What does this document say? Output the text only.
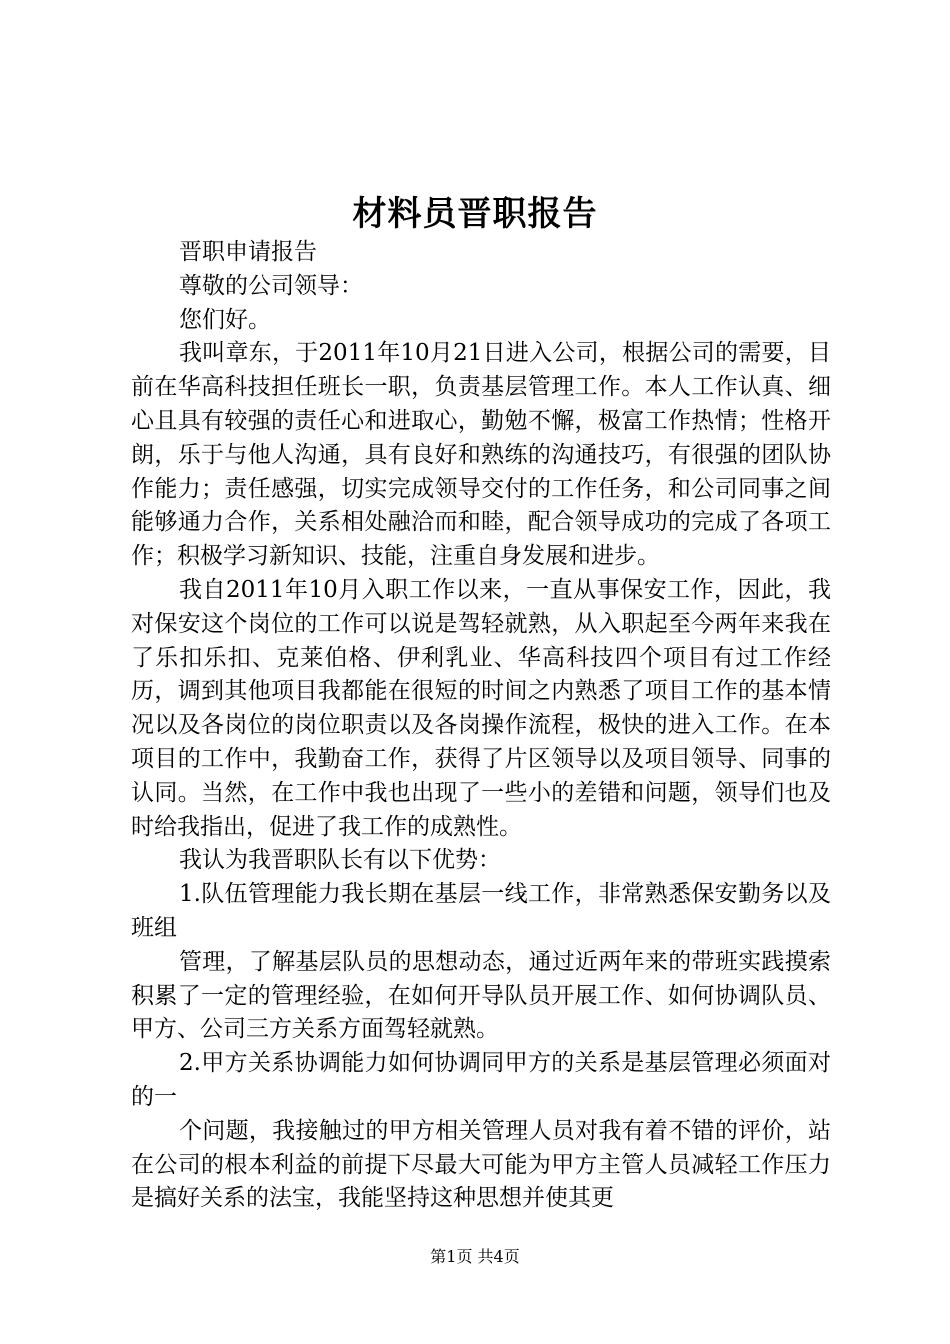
材料员晋职报告

晋职申请报告

尊敬的公司领导：

您们好。

我叫章东，于2011年10月21日进入公司，根据公司的需要，目前在华高科技担任班长一职，负责基层管理工作。本人工作认真、细心且具有较强的责任心和进取心，勤勉不懈，极富工作热情；性格开朗，乐于与他人沟通，具有良好和熟练的沟通技巧，有很强的团队协作能力；责任感强，切实完成领导交付的工作任务，和公司同事之间能够通力合作，关系相处融洽而和睦，配合领导成功的完成了各项工作；积极学习新知识、技能，注重自身发展和进步。

我自2011年10月入职工作以来，一直从事保安工作，因此，我对保安这个岗位的工作可以说是驾轻就熟，从入职起至今两年来我在了乐扣乐扣、克莱伯格、伊利乳业、华高科技四个项目有过工作经历，调到其他项目我都能在很短的时间之内熟悉了项目工作的基本情况以及各岗位的岗位职责以及各岗操作流程，极快的进入工作。在本项目的工作中，我勤奋工作，获得了片区领导以及项目领导、同事的认同。当然，在工作中我也出现了一些小的差错和问题，领导们也及时给我指出，促进了我工作的成熟性。

我认为我晋职队长有以下优势：

1.队伍管理能力我长期在基层一线工作，非常熟悉保安勤务以及班组

管理，了解基层队员的思想动态，通过近两年来的带班实践摸索积累了一定的管理经验，在如何开导队员开展工作、如何协调队员、甲方、公司三方关系方面驾轻就熟。

2.甲方关系协调能力如何协调同甲方的关系是基层管理必须面对的一

个问题，我接触过的甲方相关管理人员对我有着不错的评价，站在公司的根本利益的前提下尽最大可能为甲方主管人员减轻工作压力是搞好关系的法宝，我能坚持这种思想并使其更

第1页 共4页
